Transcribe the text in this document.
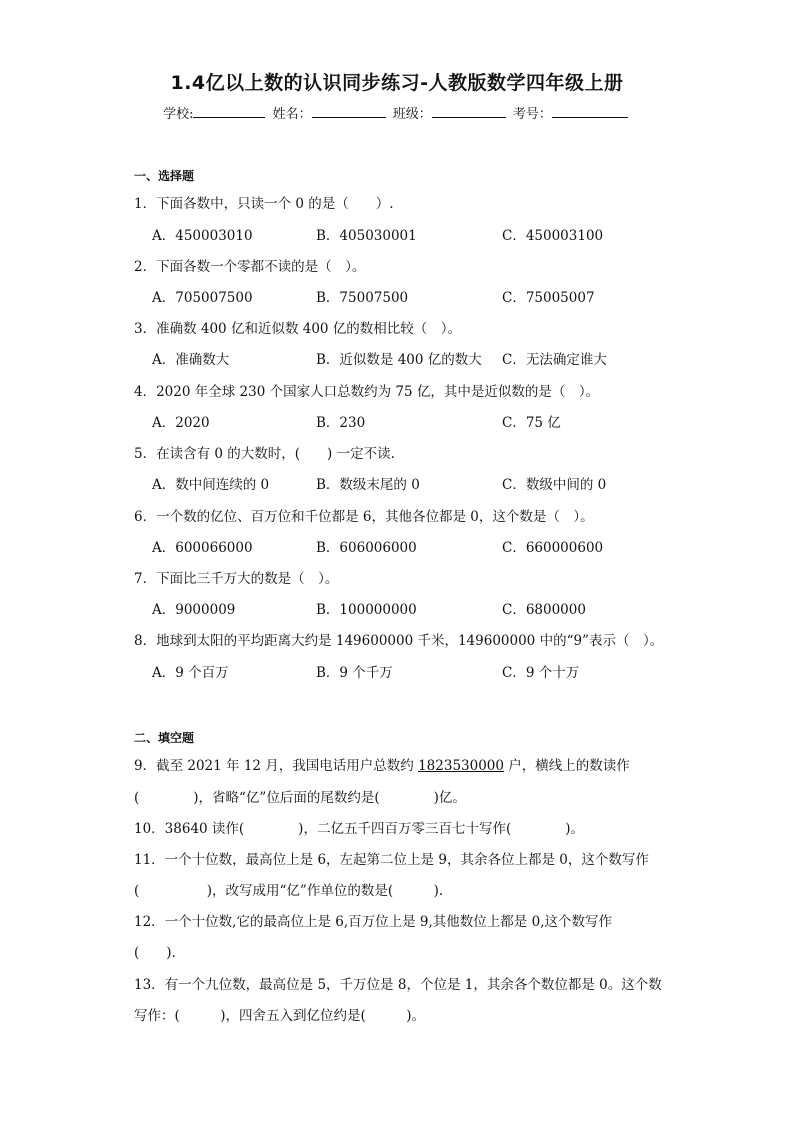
1.4亿以上数的认识同步练习-人教版数学四年级上册
学校:	姓名：	班级：	考号：
一、选择题
1．下面各数中，只读一个 0 的是（　　）.
A．450003010	B．405030001	C．450003100
2．下面各数一个零都不读的是（　）。
A．705007500	B．75007500	C．75005007
3．准确数 400 亿和近似数 400 亿的数相比较（　）。
A．准确数大	B．近似数是 400 亿的数大 C．无法确定谁大
4．2020 年全球 230 个国家人口总数约为 75 亿，其中是近似数的是（　）。
A．2020	B．230	C．75 亿
5．在读含有 0 的大数时，(　　) 一定不读.
A．数中间连续的 0	B．数级末尾的 0	C．数级中间的 0
6．一个数的亿位、百万位和千位都是 6，其他各位都是 0，这个数是（　）。
A．600066000	B．606006000	C．660000600
7．下面比三千万大的数是（　）。
A．9000009	B．100000000	C．6800000
8．地球到太阳的平均距离大约是 149600000 千米，149600000 中的“9”表示（　）。
A．9 个百万	B．9 个千万	C．9 个十万
二、填空题
9．截至 2021 年 12 月，我国电话用户总数约 1823530000 户，横线上的数读作
(　　　　)，省略“亿”位后面的尾数约是(　　　　)亿。
10．38640 读作(　　　　)，二亿五千四百万零三百七十写作(　　　　)。
11．一个十位数，最高位上是 6，左起第二位上是 9，其余各位上都是 0，这个数写作
(　　　　　)，改写成用“亿”作单位的数是(　　　).
12．一个十位数,它的最高位上是 6,百万位上是 9,其他数位上都是 0,这个数写作
(　　).
13．有一个九位数，最高位是 5，千万位是 8，个位是 1，其余各个数位都是 0。这个数
写作：(　　　)，四舍五入到亿位约是(　　　)。
